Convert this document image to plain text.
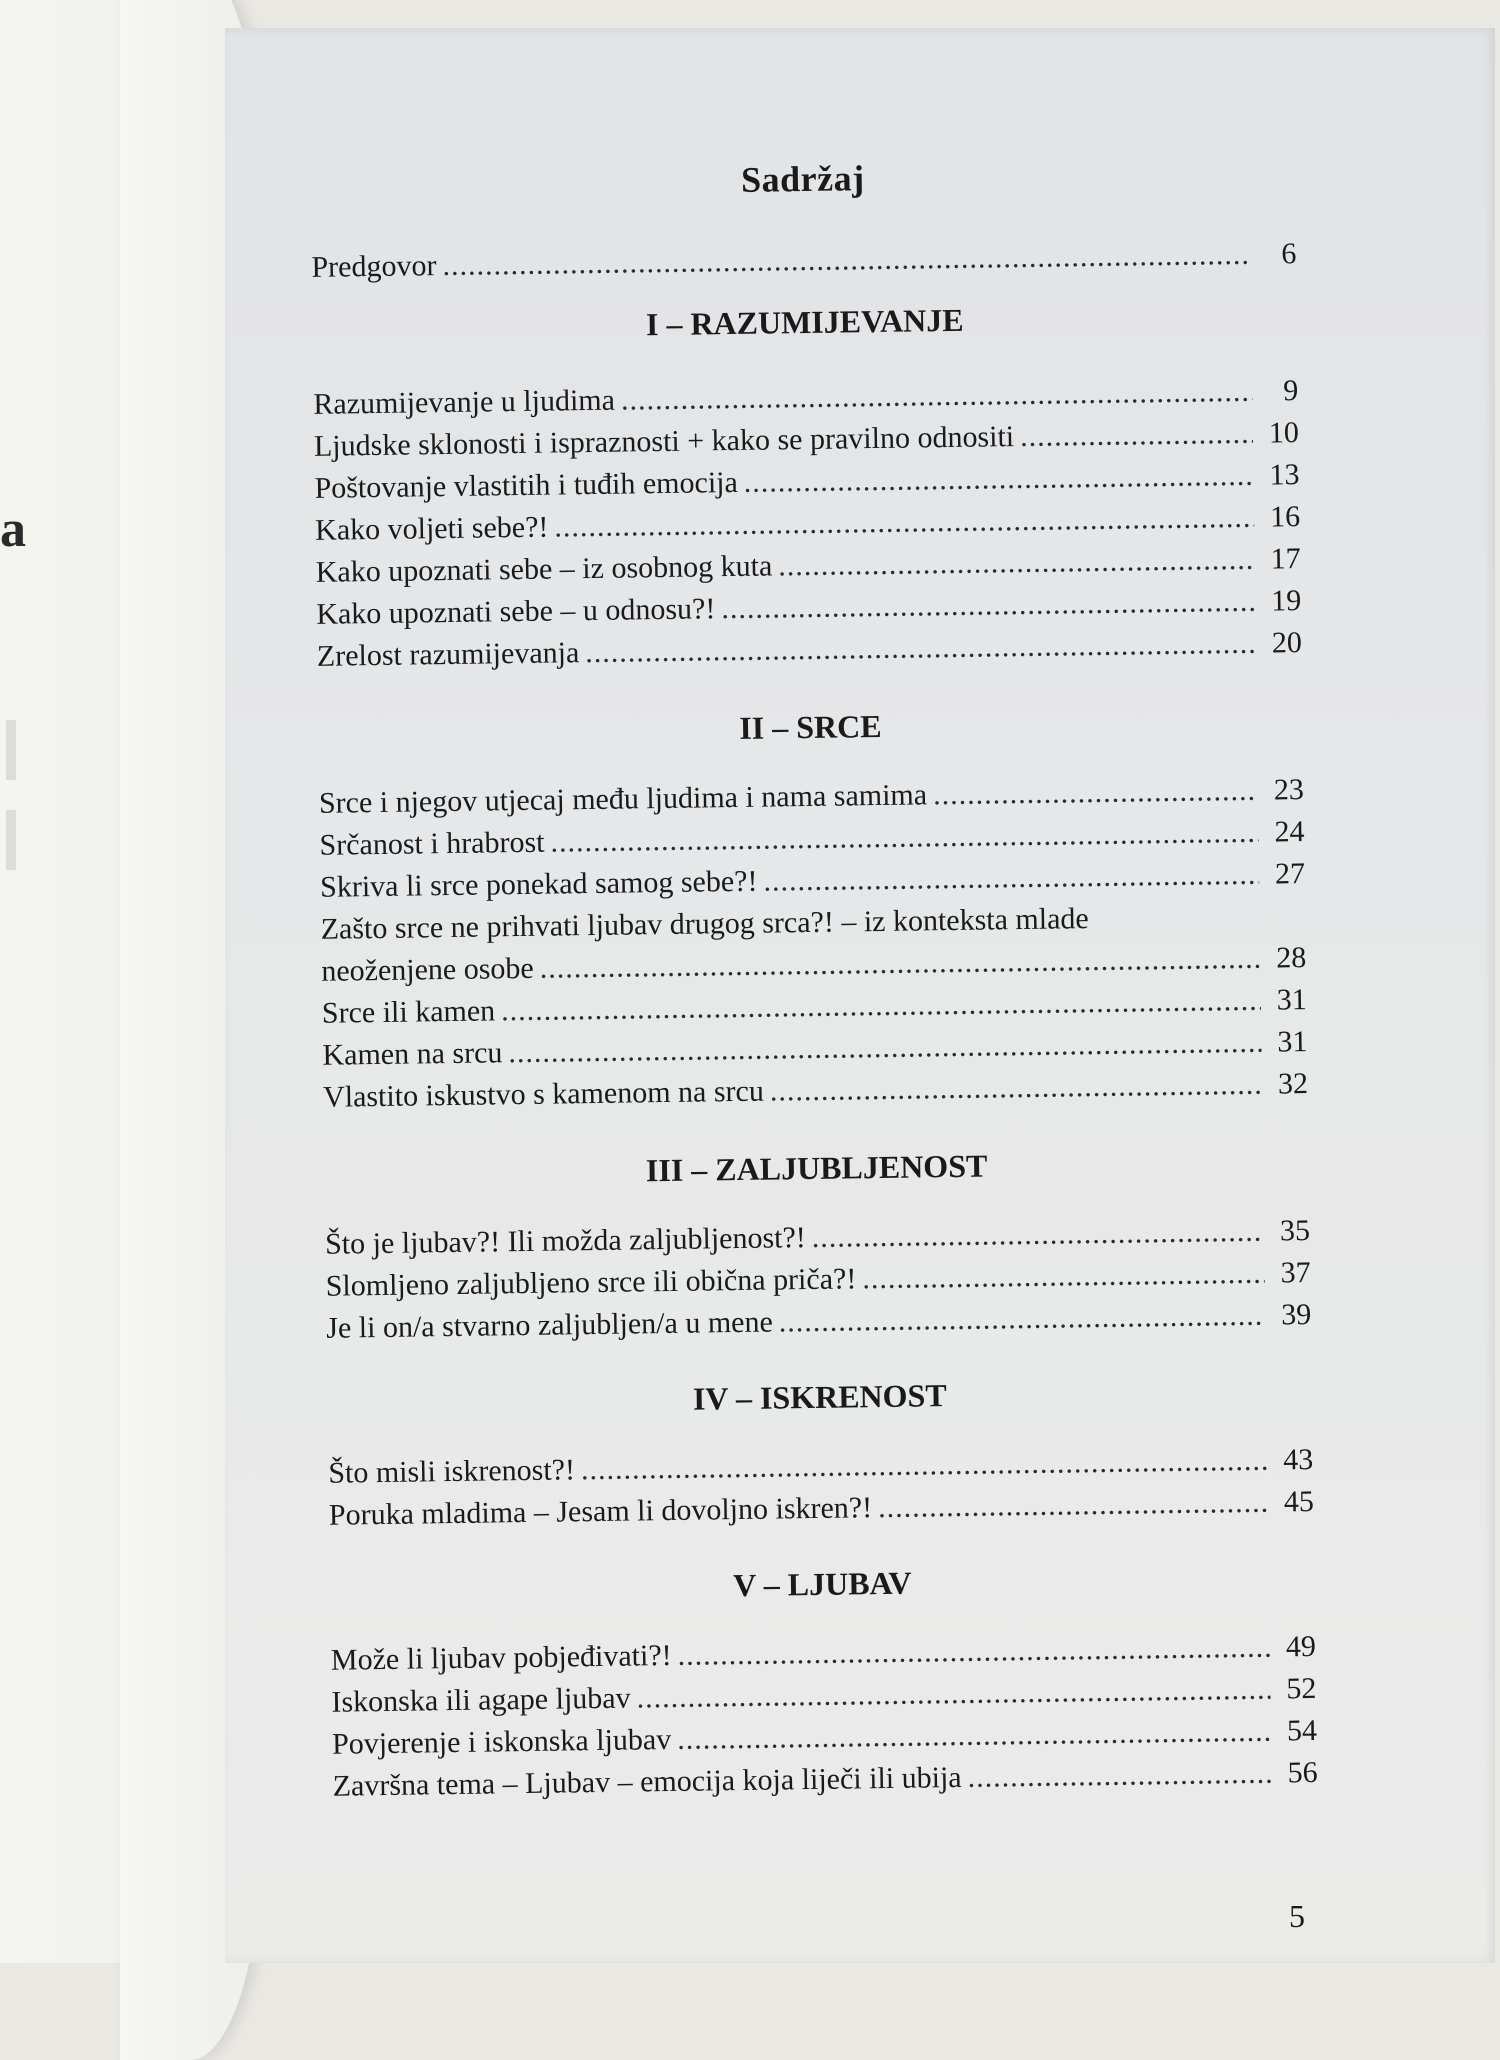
a
Sadržaj
Predgovor .....	6
I – RAZUMIJEVANJE
Razumijevanje u ljudima .....	9
Ljudske sklonosti i ispraznosti + kako se pravilno odnositi .....	10
Poštovanje vlastitih i tuđih emocija .....	13
Kako voljeti sebe?! .....	16
Kako upoznati sebe – iz osobnog kuta .....	17
Kako upoznati sebe – u odnosu?! .....	19
Zrelost razumijevanja .....	20
II – SRCE
Srce i njegov utjecaj među ljudima i nama samima .....	23
Srčanost i hrabrost .....	24
Skriva li srce ponekad samog sebe?! .....	27
Zašto srce ne prihvati ljubav drugog srca?! – iz konteksta mlade
neoženjene osobe .....	28
Srce ili kamen .....	31
Kamen na srcu .....	31
Vlastito iskustvo s kamenom na srcu .....	32
III – ZALJUBLJENOST
Što je ljubav?! Ili možda zaljubljenost?! .....	35
Slomljeno zaljubljeno srce ili obična priča?! .....	37
Je li on/a stvarno zaljubljen/a u mene .....	39
IV – ISKRENOST
Što misli iskrenost?! .....	43
Poruka mladima – Jesam li dovoljno iskren?! .....	45
V – LJUBAV
Može li ljubav pobjeđivati?! .....	49
Iskonska ili agape ljubav .....	52
Povjerenje i iskonska ljubav .....	54
Završna tema – Ljubav – emocija koja liječi ili ubija .....	56
5
